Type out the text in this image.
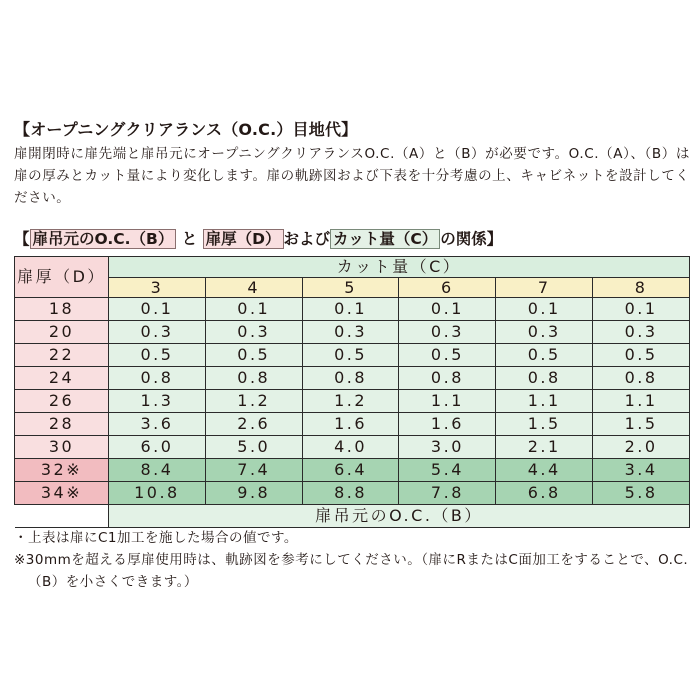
【オープニングクリアランス（O.C.）目地代】

扉開閉時に扉先端と扉吊元にオープニングクリアランスO.C.（A）と（B）が必要です。O.C.（A）、（B）は扉の厚みとカット量により変化します。扉の軌跡図および下表を十分考慮の上、キャビネットを設計してください。

【 扉吊元のO.C.（B） と 扉厚（D） および カット量（C） の関係】
扉厚（D）	カット量（C）					
	3	4	5	6	7	8
18	0.1	0.1	0.1	0.1	0.1	0.1
20	0.3	0.3	0.3	0.3	0.3	0.3
22	0.5	0.5	0.5	0.5	0.5	0.5
24	0.8	0.8	0.8	0.8	0.8	0.8
26	1.3	1.2	1.2	1.1	1.1	1.1
28	3.6	2.6	1.6	1.6	1.5	1.5
30	6.0	5.0	4.0	3.0	2.1	2.0
32※	8.4	7.4	6.4	5.4	4.4	3.4
34※	10.8	9.8	8.8	7.8	6.8	5.8
	扉吊元のO.C.（B）					
・上表は扉にC1加工を施した場合の値です。
※30mmを超える厚扉使用時は、軌跡図を参考にしてください。（扉にRまたはC面加工をすることで、O.C.（B）を小さくできます。）
